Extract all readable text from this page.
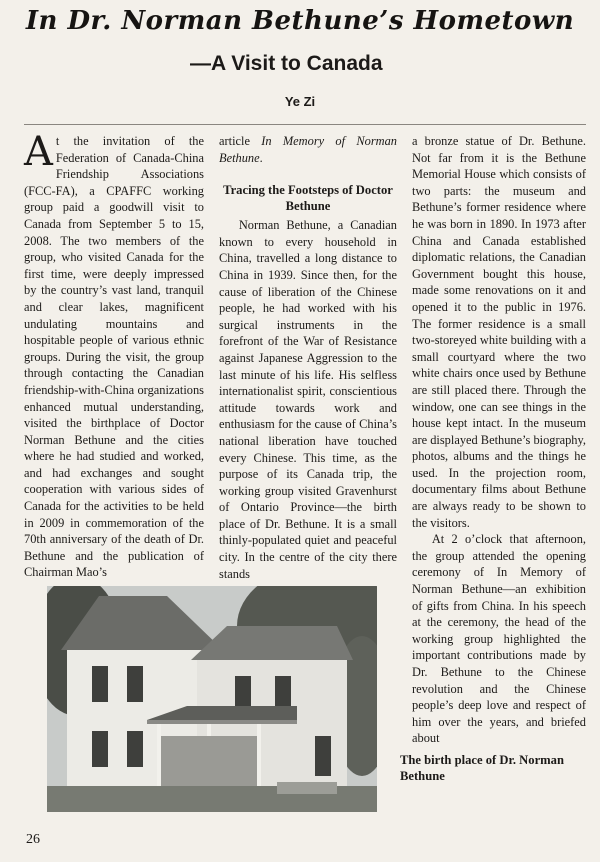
In Dr. Norman Bethune’s Hometown
—A Visit to Canada
Ye Zi

At the invitation of the Federation of Canada-China Friendship Associations (FCC-FA), a CPAFFC working group paid a goodwill visit to Canada from September 5 to 15, 2008. The two members of the group, who visited Canada for the first time, were deeply impressed by the country’s vast land, tranquil and clear lakes, magnificent undulating mountains and hospitable people of various ethnic groups. During the visit, the group through contacting the Canadian friendship-with-China organizations enhanced mutual understanding, visited the birthplace of Doctor Norman Bethune and the cities where he had studied and worked, and had exchanges and sought cooperation with various sides of Canada for the activities to be held in 2009 in commemoration of the 70th anniversary of the death of Dr. Bethune and the publication of Chairman Mao’s

article In Memory of Norman Bethune.

Tracing the Footsteps of Doctor Bethune

Norman Bethune, a Canadian known to every household in China, travelled a long distance to China in 1939. Since then, for the cause of liberation of the Chinese people, he had worked with his surgical instruments in the forefront of the War of Resistance against Japanese Aggression to the last minute of his life. His selfless internationalist spirit, conscientious attitude towards work and enthusiasm for the cause of China’s national liberation have touched every Chinese. This time, as the purpose of its Canada trip, the working group visited Gravenhurst of Ontario Province—the birth place of Dr. Bethune. It is a small thinly-populated quiet and peaceful city. In the centre of the city there stands

a bronze statue of Dr. Bethune. Not far from it is the Bethune Memorial House which consists of two parts: the museum and Bethune’s former residence where he was born in 1890. In 1973 after China and Canada established diplomatic relations, the Canadian Government bought this house, made some renovations on it and opened it to the public in 1976. The former residence is a small two-storeyed white building with a small courtyard where the two white chairs once used by Bethune are still placed there. Through the window, one can see things in the house kept intact. In the museum are displayed Bethune’s biography, photos, albums and the things he used. In the projection room, documentary films about Bethune are always ready to be shown to the visitors.

At 2 o’clock that afternoon, the group attended the opening ceremony of In Memory of Norman Bethune—an exhibition of gifts from China. In his speech at the ceremony, the head of the working group highlighted the important contributions made by Dr. Bethune to the Chinese revolution and the Chinese people’s deep love and respect of him over the years, and briefed about

The birth place of Dr. Norman Bethune
26
